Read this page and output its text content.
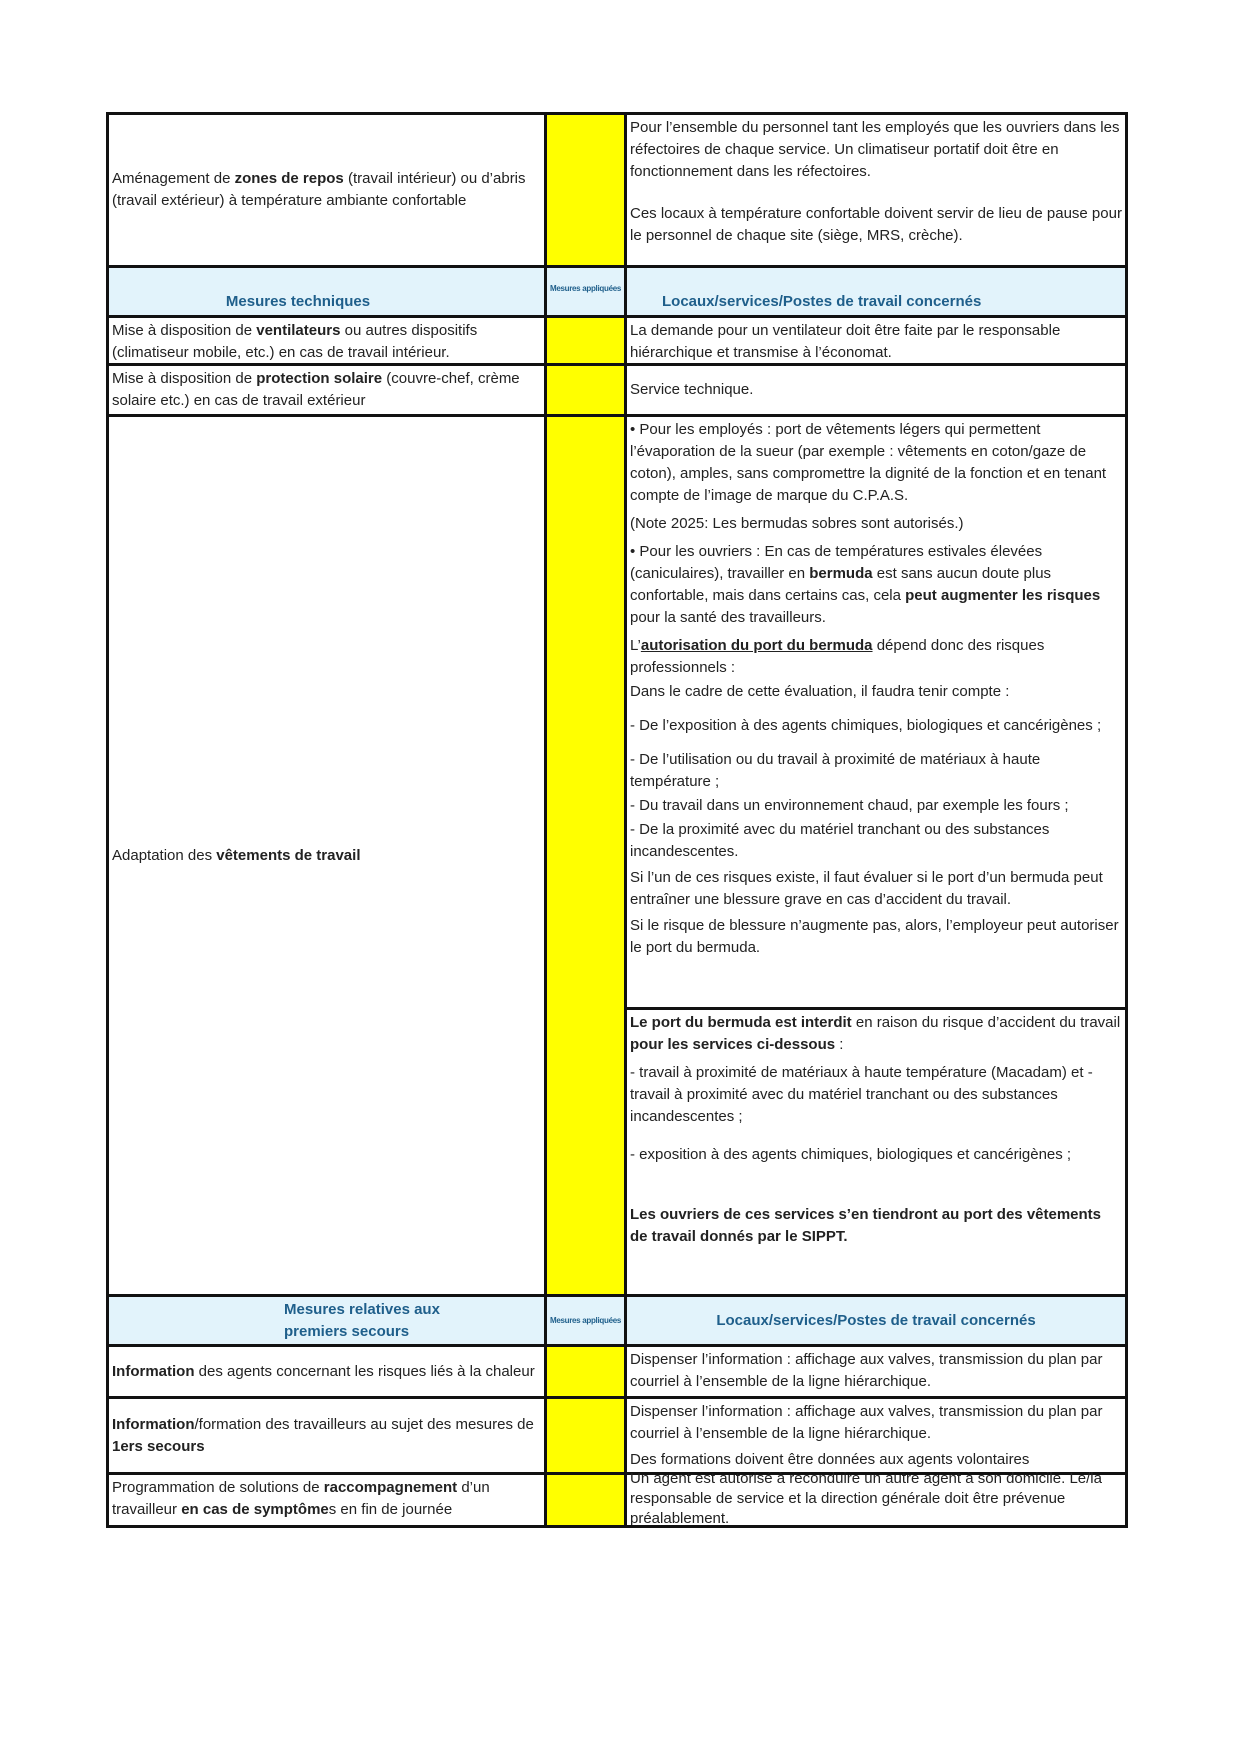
Aménagement de zones de repos (travail intérieur) ou d’abris (travail extérieur) à température ambiante confortable

Pour l’ensemble du personnel tant les employés que les ouvriers dans les réfectoires de chaque service. Un climatiseur portatif doit être en fonctionnement dans les réfectoires.

Ces locaux à température confortable doivent servir de lieu de pause pour le personnel de chaque site (siège, MRS, crèche).

Mesures techniques
Mesures appliquées
Locaux/services/Postes de travail concernés
Mise à disposition de ventilateurs ou autres dispositifs (climatiseur mobile, etc.) en cas de travail intérieur.
La demande pour un ventilateur doit être faite par le responsable hiérarchique et transmise à l’économat.
Mise à disposition de protection solaire (couvre-chef, crème solaire etc.) en cas de travail extérieur
Service technique.
Adaptation des vêtements de travail

• Pour les employés : port de vêtements légers qui permettent l’évaporation de la sueur (par exemple : vêtements en coton/gaze de coton), amples, sans compromettre la dignité de la fonction et en tenant compte de l’image de marque du C.P.A.S.

(Note 2025: Les bermudas sobres sont autorisés.)

• Pour les ouvriers : En cas de températures estivales élevées (caniculaires), travailler en bermuda est sans aucun doute plus confortable, mais dans certains cas, cela peut augmenter les risques pour la santé des travailleurs.

L’autorisation du port du bermuda dépend donc des risques professionnels :

Dans le cadre de cette évaluation, il faudra tenir compte :

- De l’exposition à des agents chimiques, biologiques et cancérigènes ;

- De l’utilisation ou du travail à proximité de matériaux à haute température ;

- Du travail dans un environnement chaud, par exemple les fours ;

- De la proximité avec du matériel tranchant ou des substances incandescentes.

Si l’un de ces risques existe, il faut évaluer si le port d’un bermuda peut entraîner une blessure grave en cas d’accident du travail.

Si le risque de blessure n’augmente pas, alors, l’employeur peut autoriser le port du bermuda.

Le port du bermuda est interdit en raison du risque d’accident du travail pour les services ci-dessous :

- travail à proximité de matériaux à haute température (Macadam) et - travail à proximité avec du matériel tranchant ou des substances incandescentes ;

- exposition à des agents chimiques, biologiques et cancérigènes ;

Les ouvriers de ces services s’en tiendront au port des vêtements de travail donnés par le SIPPT.

Mesures relatives aux premiers secours
Mesures appliquées	Locaux/services/Postes de travail concernés
Information des agents concernant les risques liés à la chaleur
Dispenser l’information : affichage aux valves, transmission du plan par courriel à l’ensemble de la ligne hiérarchique.
Information/formation des travailleurs au sujet des mesures de 1ers secours

Dispenser l’information : affichage aux valves, transmission du plan par courriel à l’ensemble de la ligne hiérarchique.

Des formations doivent être données aux agents volontaires

Programmation de solutions de raccompagnement d’un travailleur en cas de symptômes en fin de journée
Un agent est autorisé à reconduire un autre agent à son domicile. Le/la responsable de service et la direction générale doit être prévenue préalablement.
